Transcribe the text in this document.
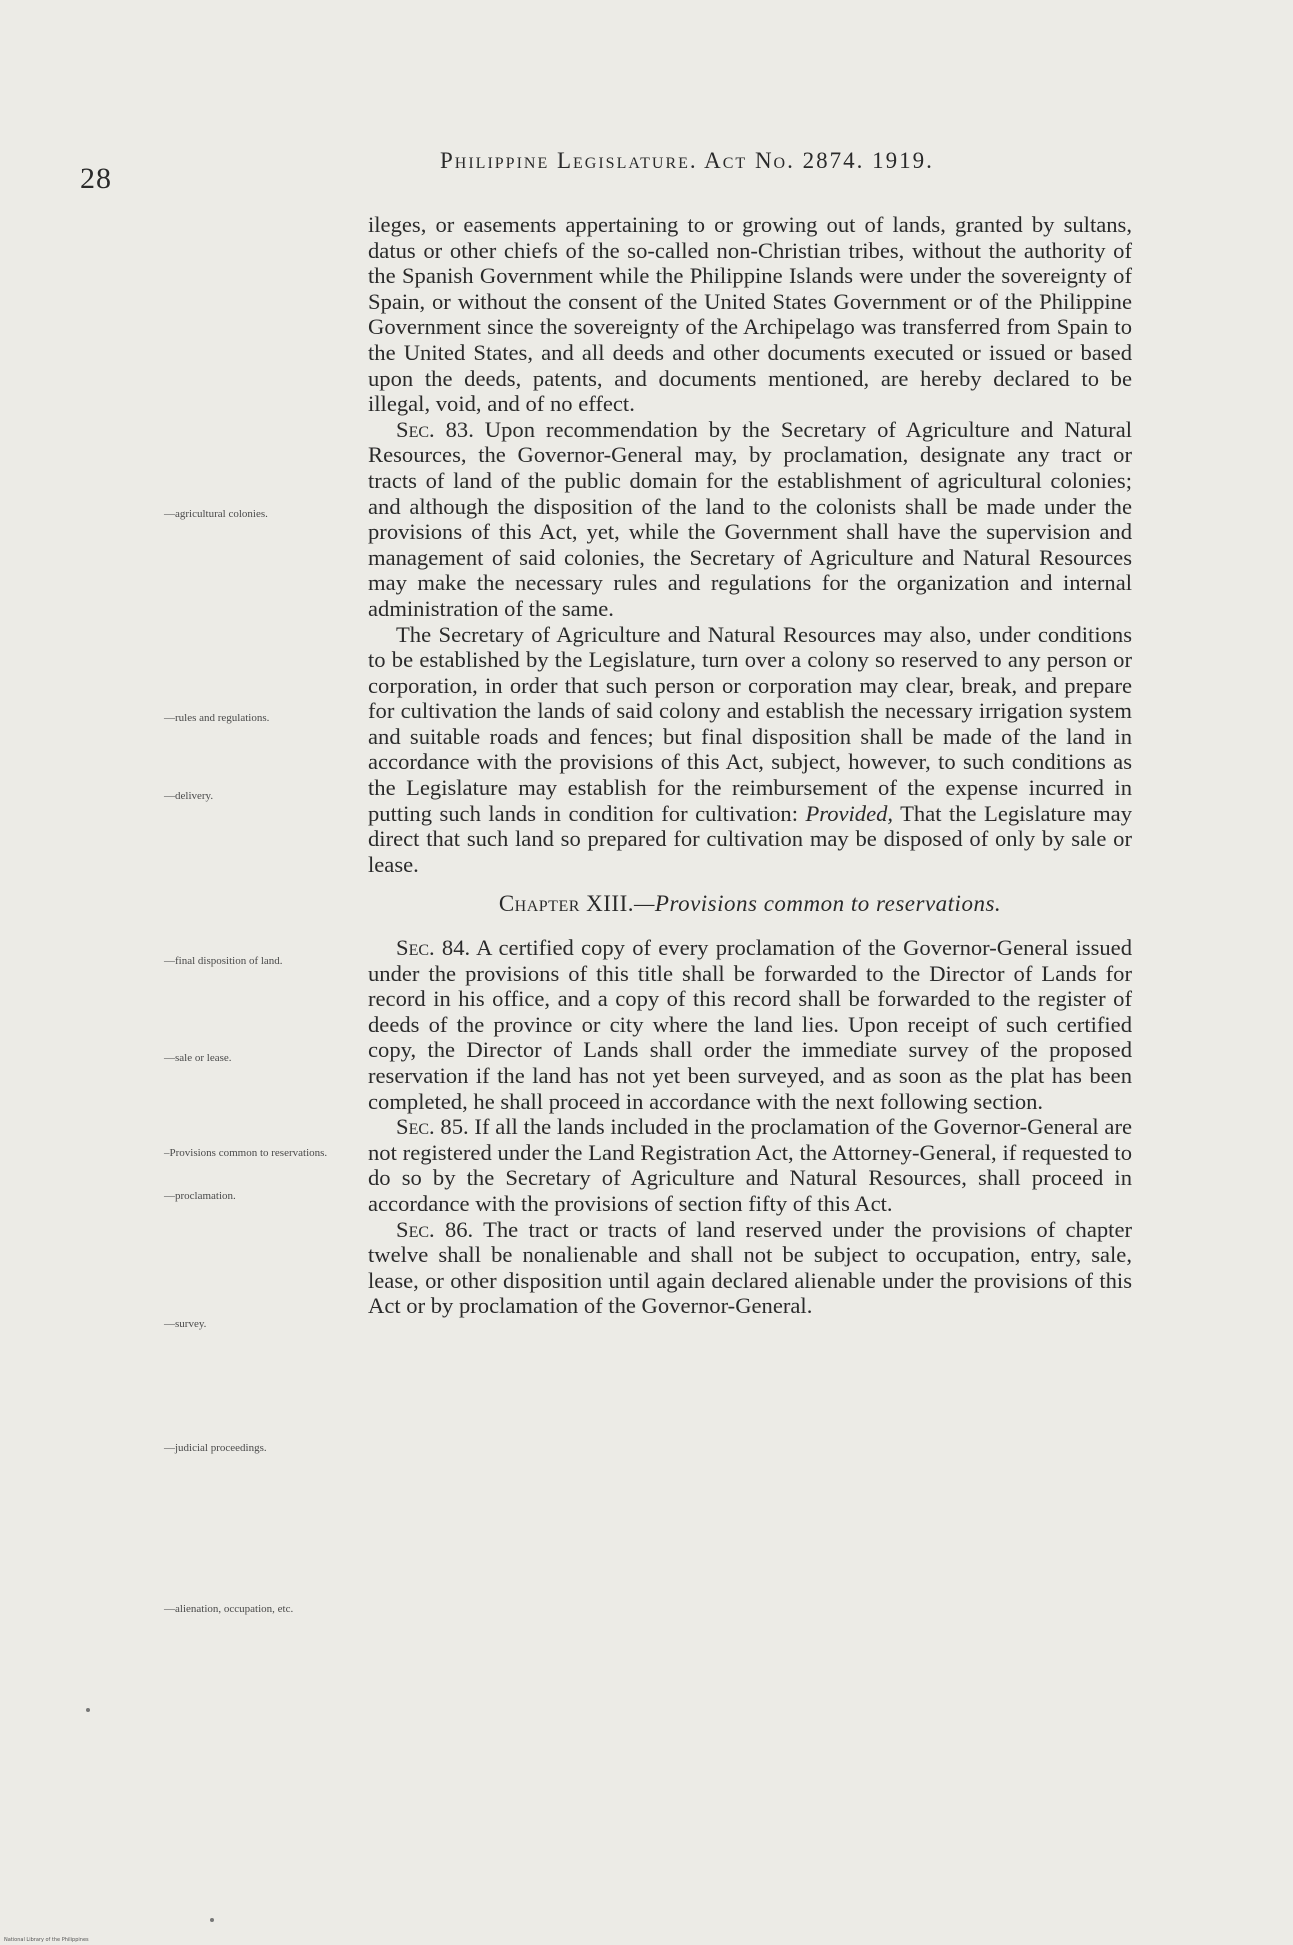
28
Philippine Legislature. Act No. 2874. 1919.
—agricultural colonies.
—rules and regulations.
—delivery.
—final disposition of land.
—sale or lease.
–Provisions common to reservations.
—proclamation.
—survey.
—judicial proceedings.
—alienation, occupation, etc.

ileges, or easements appertaining to or growing out of lands, granted by sultans, datus or other chiefs of the so-called non-Christian tribes, without the authority of the Spanish Government while the Philippine Islands were under the sovereignty of Spain, or without the consent of the United States Government or of the Philippine Government since the sovereignty of the Archipelago was transferred from Spain to the United States, and all deeds and other documents executed or issued or based upon the deeds, patents, and documents mentioned, are hereby declared to be illegal, void, and of no effect.

Sec. 83. Upon recommendation by the Secretary of Agriculture and Natural Resources, the Governor-General may, by proclamation, designate any tract or tracts of land of the public domain for the establishment of agricultural colonies; and although the disposition of the land to the colonists shall be made under the provisions of this Act, yet, while the Government shall have the supervision and management of said colonies, the Secretary of Agriculture and Natural Resources may make the necessary rules and regulations for the organization and internal administration of the same.

The Secretary of Agriculture and Natural Resources may also, under conditions to be established by the Legislature, turn over a colony so reserved to any person or corporation, in order that such person or corporation may clear, break, and prepare for cultivation the lands of said colony and establish the necessary irrigation system and suitable roads and fences; but final disposition shall be made of the land in accordance with the provisions of this Act, subject, however, to such conditions as the Legislature may establish for the reimbursement of the expense incurred in putting such lands in condition for cultivation: Provided, That the Legislature may direct that such land so prepared for cultivation may be disposed of only by sale or lease.

Chapter XIII.—Provisions common to reservations.

Sec. 84. A certified copy of every proclamation of the Governor-General issued under the provisions of this title shall be forwarded to the Director of Lands for record in his office, and a copy of this record shall be forwarded to the register of deeds of the province or city where the land lies. Upon receipt of such certified copy, the Director of Lands shall order the immediate survey of the proposed reservation if the land has not yet been surveyed, and as soon as the plat has been completed, he shall proceed in accordance with the next following section.

Sec. 85. If all the lands included in the proclamation of the Governor-General are not registered under the Land Registration Act, the Attorney-General, if requested to do so by the Secretary of Agriculture and Natural Resources, shall proceed in accordance with the provisions of section fifty of this Act.

Sec. 86. The tract or tracts of land reserved under the provisions of chapter twelve shall be nonalienable and shall not be subject to occupation, entry, sale, lease, or other disposition until again declared alienable under the provisions of this Act or by proclamation of the Governor-General.

National Library of the Philippines
